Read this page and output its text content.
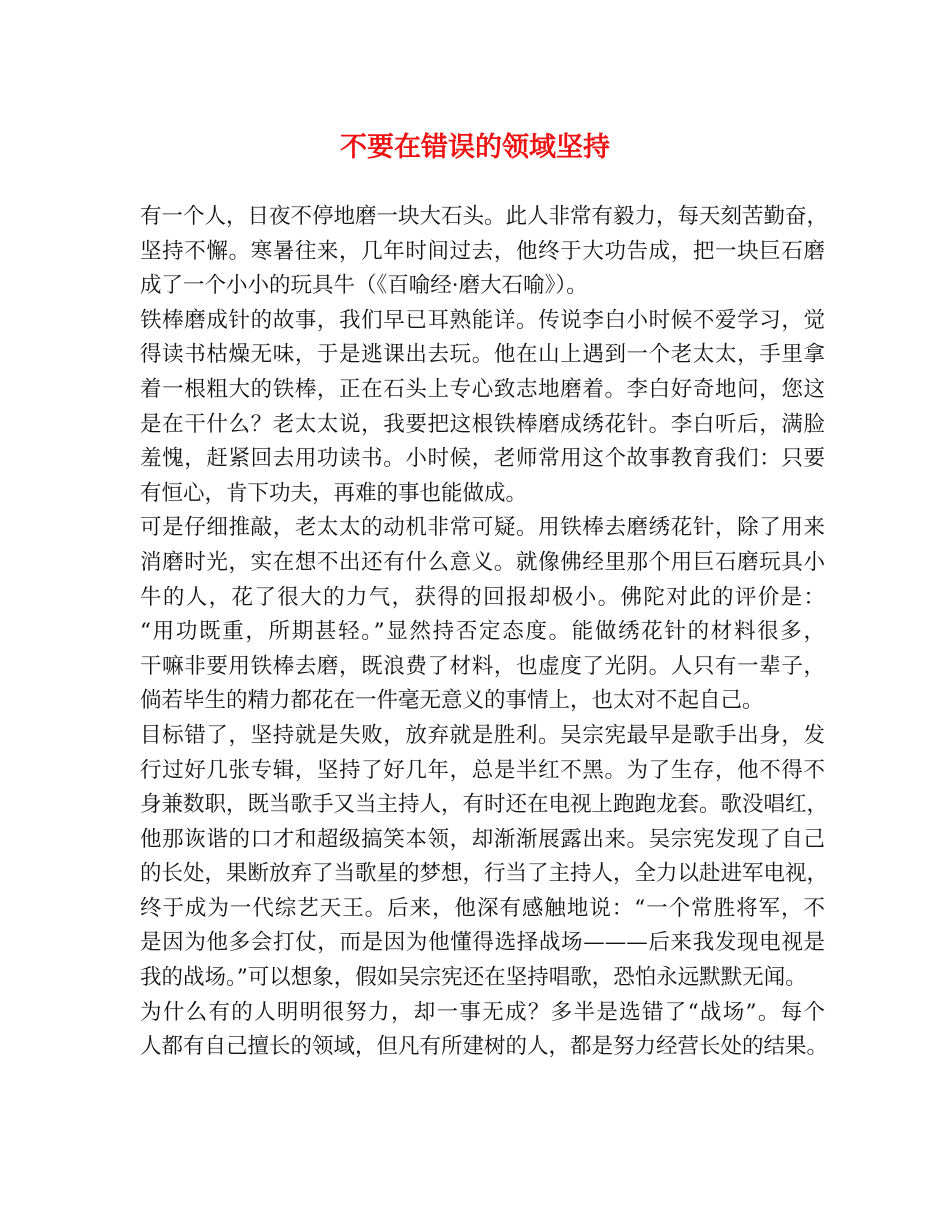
不要在错误的领域坚持
有一个人，日夜不停地磨一块大石头。此人非常有毅力，每天刻苦勤奋，
坚持不懈。寒暑往来，几年时间过去，他终于大功告成，把一块巨石磨
成了一个小小的玩具牛（《百喻经·磨大石喻》）。
铁棒磨成针的故事，我们早已耳熟能详。传说李白小时候不爱学习，觉
得读书枯燥无味，于是逃课出去玩。他在山上遇到一个老太太，手里拿
着一根粗大的铁棒，正在石头上专心致志地磨着。李白好奇地问，您这
是在干什么？老太太说，我要把这根铁棒磨成绣花针。李白听后，满脸
羞愧，赶紧回去用功读书。小时候，老师常用这个故事教育我们：只要
有恒心，肯下功夫，再难的事也能做成。
可是仔细推敲，老太太的动机非常可疑。用铁棒去磨绣花针，除了用来
消磨时光，实在想不出还有什么意义。就像佛经里那个用巨石磨玩具小
牛的人，花了很大的力气，获得的回报却极小。佛陀对此的评价是：
“用功既重，所期甚轻。”显然持否定态度。能做绣花针的材料很多，
干嘛非要用铁棒去磨，既浪费了材料，也虚度了光阴。人只有一辈子，
倘若毕生的精力都花在一件毫无意义的事情上，也太对不起自己。
目标错了，坚持就是失败，放弃就是胜利。吴宗宪最早是歌手出身，发
行过好几张专辑，坚持了好几年，总是半红不黑。为了生存，他不得不
身兼数职，既当歌手又当主持人，有时还在电视上跑跑龙套。歌没唱红，
他那诙谐的口才和超级搞笑本领，却渐渐展露出来。吴宗宪发现了自己
的长处，果断放弃了当歌星的梦想，行当了主持人，全力以赴进军电视，
终于成为一代综艺天王。后来，他深有感触地说：“一个常胜将军，不
是因为他多会打仗，而是因为他懂得选择战场———后来我发现电视是
我的战场。”可以想象，假如吴宗宪还在坚持唱歌，恐怕永远默默无闻。
为什么有的人明明很努力，却一事无成？多半是选错了“战场”。每个
人都有自己擅长的领域，但凡有所建树的人，都是努力经营长处的结果。
